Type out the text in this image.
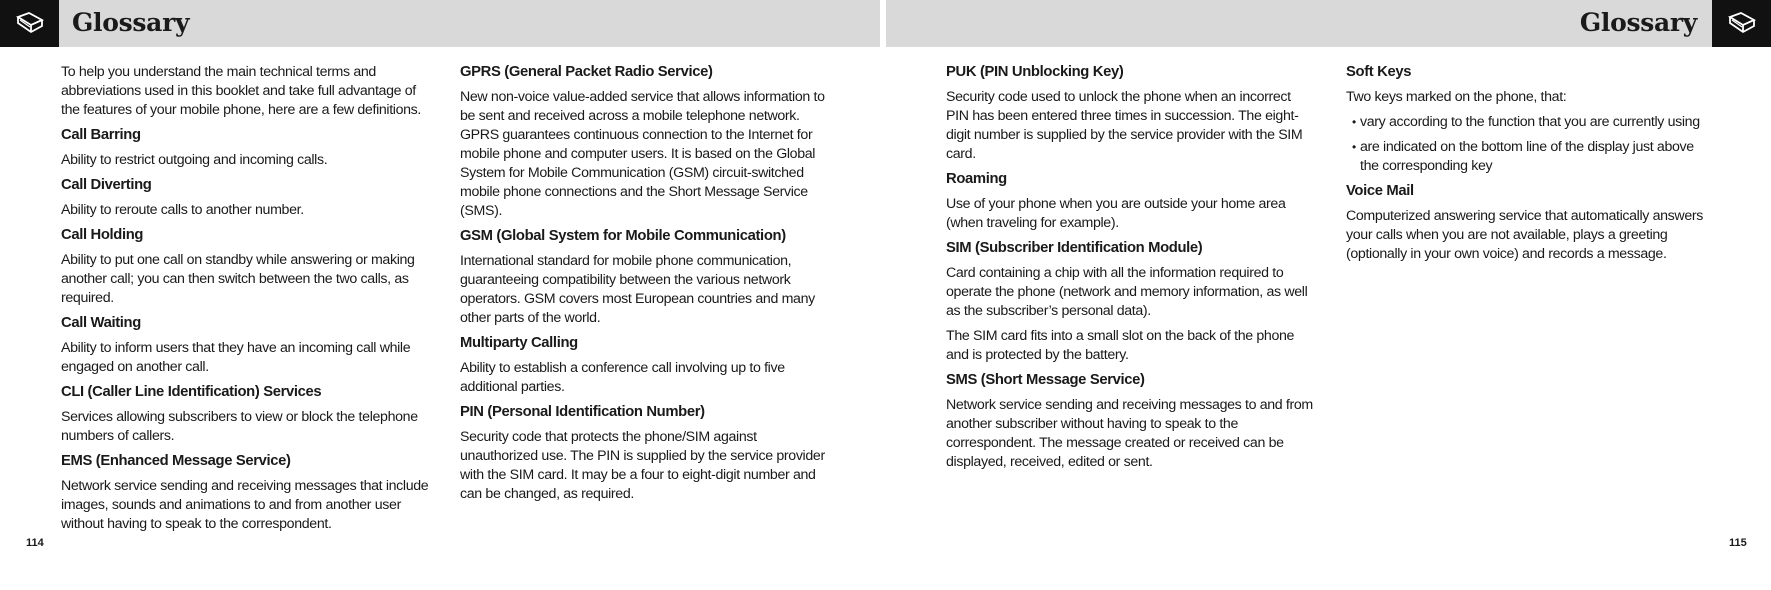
Glossary	Glossary

To help you understand the main technical terms and abbreviations used in this booklet and take full advantage of the features of your mobile phone, here are a few definitions.

Call Barring

Ability to restrict outgoing and incoming calls.

Call Diverting

Ability to reroute calls to another number.

Call Holding

Ability to put one call on standby while answering or making another call; you can then switch between the two calls, as required.

Call Waiting

Ability to inform users that they have an incoming call while engaged on another call.

CLI (Caller Line Identification) Services

Services allowing subscribers to view or block the telephone numbers of callers.

EMS (Enhanced Message Service)

Network service sending and receiving messages that include images, sounds and animations to and from another user without having to speak to the correspondent.

GPRS (General Packet Radio Service)

New non-voice value-added service that allows information to be sent and received across a mobile telephone network. GPRS guarantees continuous connection to the Internet for mobile phone and computer users. It is based on the Global System for Mobile Communication (GSM) circuit-switched mobile phone connections and the Short Message Service (SMS).

GSM (Global System for Mobile Communication)

International standard for mobile phone communication, guaranteeing compatibility between the various network operators. GSM covers most European countries and many other parts of the world.

Multiparty Calling

Ability to establish a conference call involving up to five additional parties.

PIN (Personal Identification Number)

Security code that protects the phone/SIM against unauthorized use. The PIN is supplied by the service provider with the SIM card. It may be a four to eight-digit number and can be changed, as required.

PUK (PIN Unblocking Key)

Security code used to unlock the phone when an incorrect PIN has been entered three times in succession. The eight-digit number is supplied by the service provider with the SIM card.

Roaming

Use of your phone when you are outside your home area (when traveling for example).

SIM (Subscriber Identification Module)

Card containing a chip with all the information required to operate the phone (network and memory information, as well as the subscriber’s personal data).

The SIM card fits into a small slot on the back of the phone and is protected by the battery.

SMS (Short Message Service)

Network service sending and receiving messages to and from another subscriber without having to speak to the correspondent. The message created or received can be displayed, received, edited or sent.

Soft Keys

Two keys marked on the phone, that:

• vary according to the function that you are currently using
• are indicated on the bottom line of the display just above the corresponding key

Voice Mail

Computerized answering service that automatically answers your calls when you are not available, plays a greeting (optionally in your own voice) and records a message.

114	115
